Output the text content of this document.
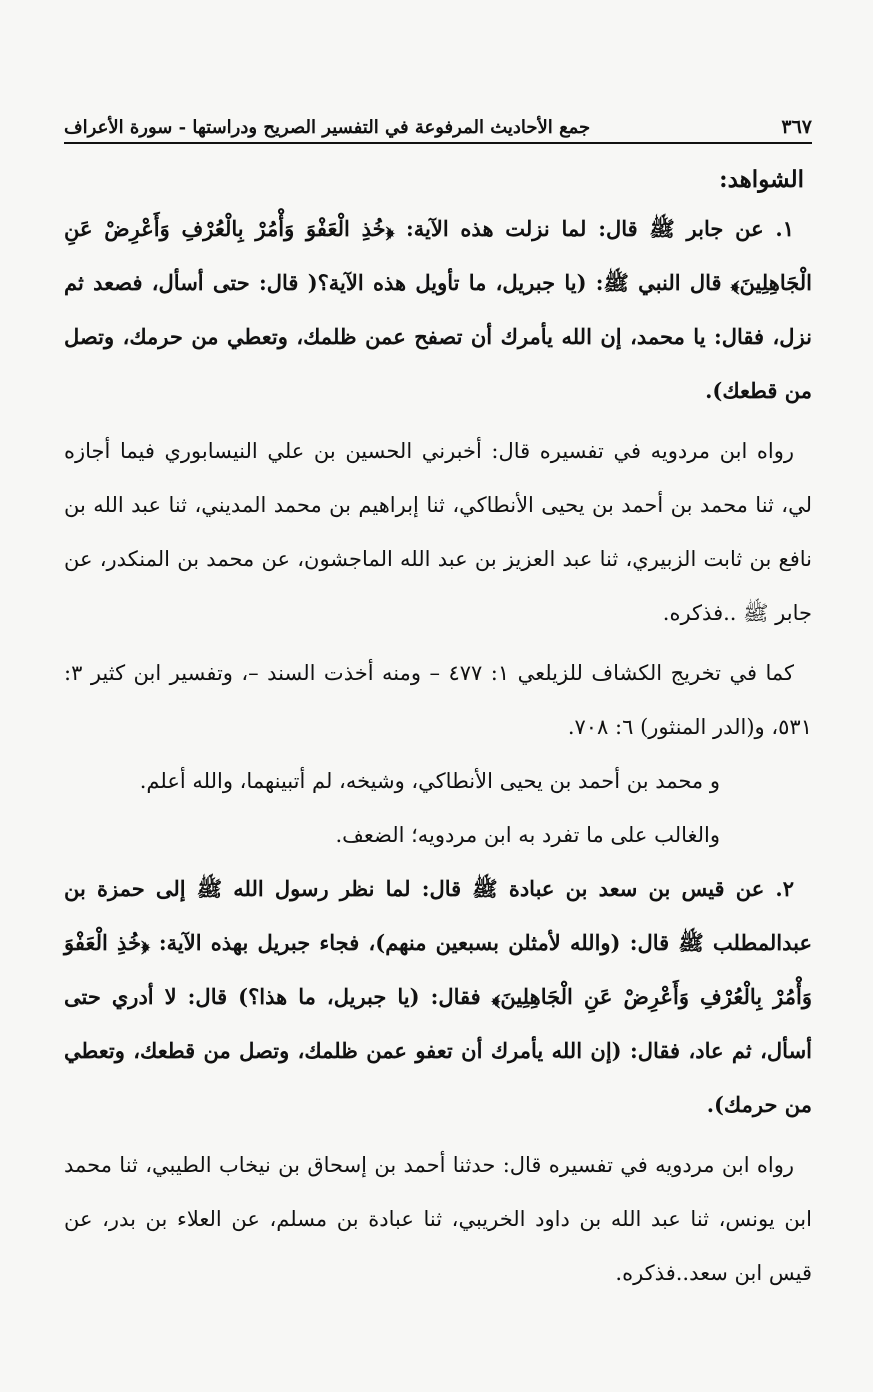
جمع الأحاديث المرفوعة في التفسير الصريح ودراستها - سورة الأعراف	٣٦٧
الشواهد:

١. عن جابر ﷺ قال: لما نزلت هذه الآية: ﴿خُذِ الْعَفْوَ وَأْمُرْ بِالْعُرْفِ وَأَعْرِضْ عَنِ الْجَاهِلِينَ﴾ قال النبي ﷺ: (يا جبريل، ما تأويل هذه الآية؟( قال: حتى أسأل، فصعد ثم نزل، فقال: يا محمد، إن الله يأمرك أن تصفح عمن ظلمك، وتعطي من حرمك، وتصل من قطعك).

رواه ابن مردويه في تفسيره قال: أخبرني الحسين بن علي النيسابوري فيما أجازه لي، ثنا محمد بن أحمد بن يحيى الأنطاكي، ثنا إبراهيم بن محمد المديني، ثنا عبد الله بن نافع بن ثابت الزبيري، ثنا عبد العزيز بن عبد الله الماجشون، عن محمد بن المنكدر، عن جابر ﷺ ..فذكره.

كما في تخريج الكشاف للزيلعي ١: ٤٧٧ – ومنه أخذت السند –، وتفسير ابن كثير ٣: ٥٣١، و(الدر المنثور) ٦: ٧٠٨.

و محمد بن أحمد بن يحيى الأنطاكي، وشيخه، لم أتبينهما، والله أعلم.

والغالب على ما تفرد به ابن مردويه؛ الضعف.

٢. عن قيس بن سعد بن عبادة ﷺ قال: لما نظر رسول الله ﷺ إلى حمزة بن عبدالمطلب ﷺ قال: (والله لأمثلن بسبعين منهم)، فجاء جبريل بهذه الآية: ﴿خُذِ الْعَفْوَ وَأْمُرْ بِالْعُرْفِ وَأَعْرِضْ عَنِ الْجَاهِلِينَ﴾ فقال: (يا جبريل، ما هذا؟) قال: لا أدري حتى أسأل، ثم عاد، فقال: (إن الله يأمرك أن تعفو عمن ظلمك، وتصل من قطعك، وتعطي من حرمك).

رواه ابن مردويه في تفسيره قال: حدثنا أحمد بن إسحاق بن نيخاب الطيبي، ثنا محمد ابن يونس، ثنا عبد الله بن داود الخريبي، ثنا عبادة بن مسلم، عن العلاء بن بدر، عن قيس ابن سعد..فذكره.
